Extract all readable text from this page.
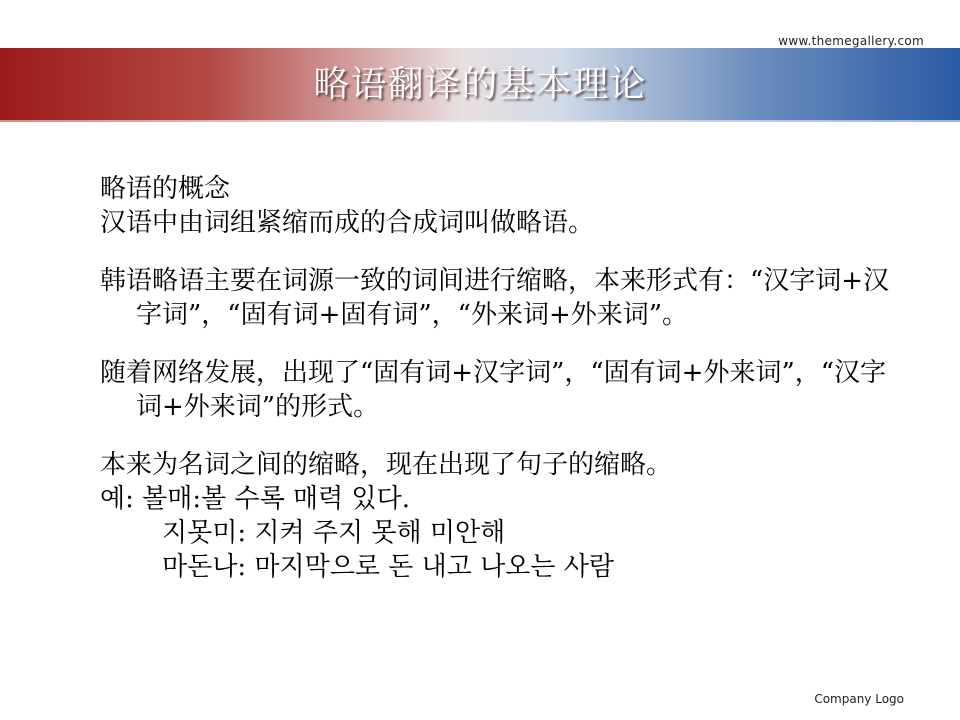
www.themegallery.com
略语翻译的基本理论

略语的概念

汉语中由词组紧缩而成的合成词叫做略语。

韩语略语主要在词源一致的词间进行缩略，本来形式有：“汉字词+汉字词”，“固有词+固有词”，“外来词+外来词”。

随着网络发展，出现了“固有词+汉字词”，“固有词+外来词”，“汉字词+外来词”的形式。

本来为名词之间的缩略，现在出现了句子的缩略。

예: 볼매:볼 수록 매력 있다.

지못미: 지켜 주지 못해 미안해

마돈나: 마지막으로 돈 내고 나오는 사람

Company Logo
